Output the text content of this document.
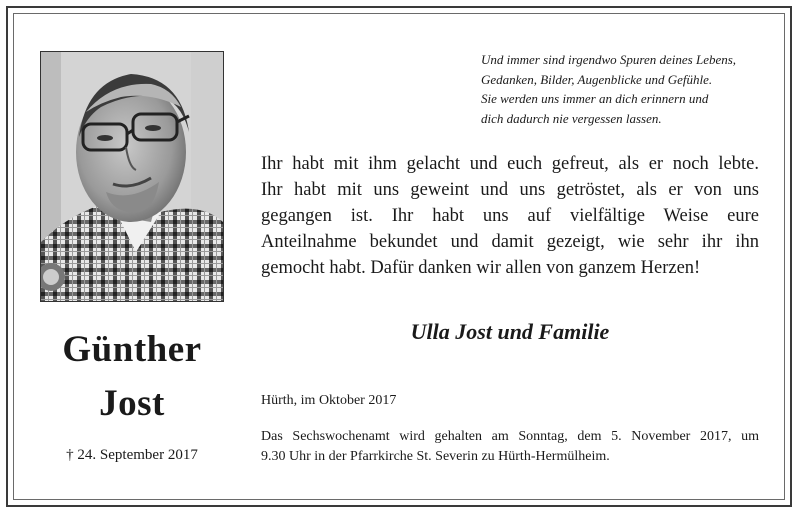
Günther
Jost
† 24. September 2017
Und immer sind irgendwo Spuren deines Lebens,
Gedanken, Bilder, Augenblicke und Gefühle.
Sie werden uns immer an dich erinnern und
dich dadurch nie vergessen lassen.
Ihr habt mit ihm gelacht und euch gefreut, als er noch lebte.
Ihr habt mit uns geweint und uns getröstet, als er von uns
gegangen ist. Ihr habt uns auf vielfältige Weise eure
Anteilnahme bekundet und damit gezeigt, wie sehr ihr ihn
gemocht habt. Dafür danken wir allen von ganzem Herzen!
Ulla Jost und Familie
Hürth, im Oktober 2017
Das Sechswochenamt wird gehalten am Sonntag, dem 5. November 2017, um
9.30 Uhr in der Pfarrkirche St. Severin zu Hürth-Hermülheim.
